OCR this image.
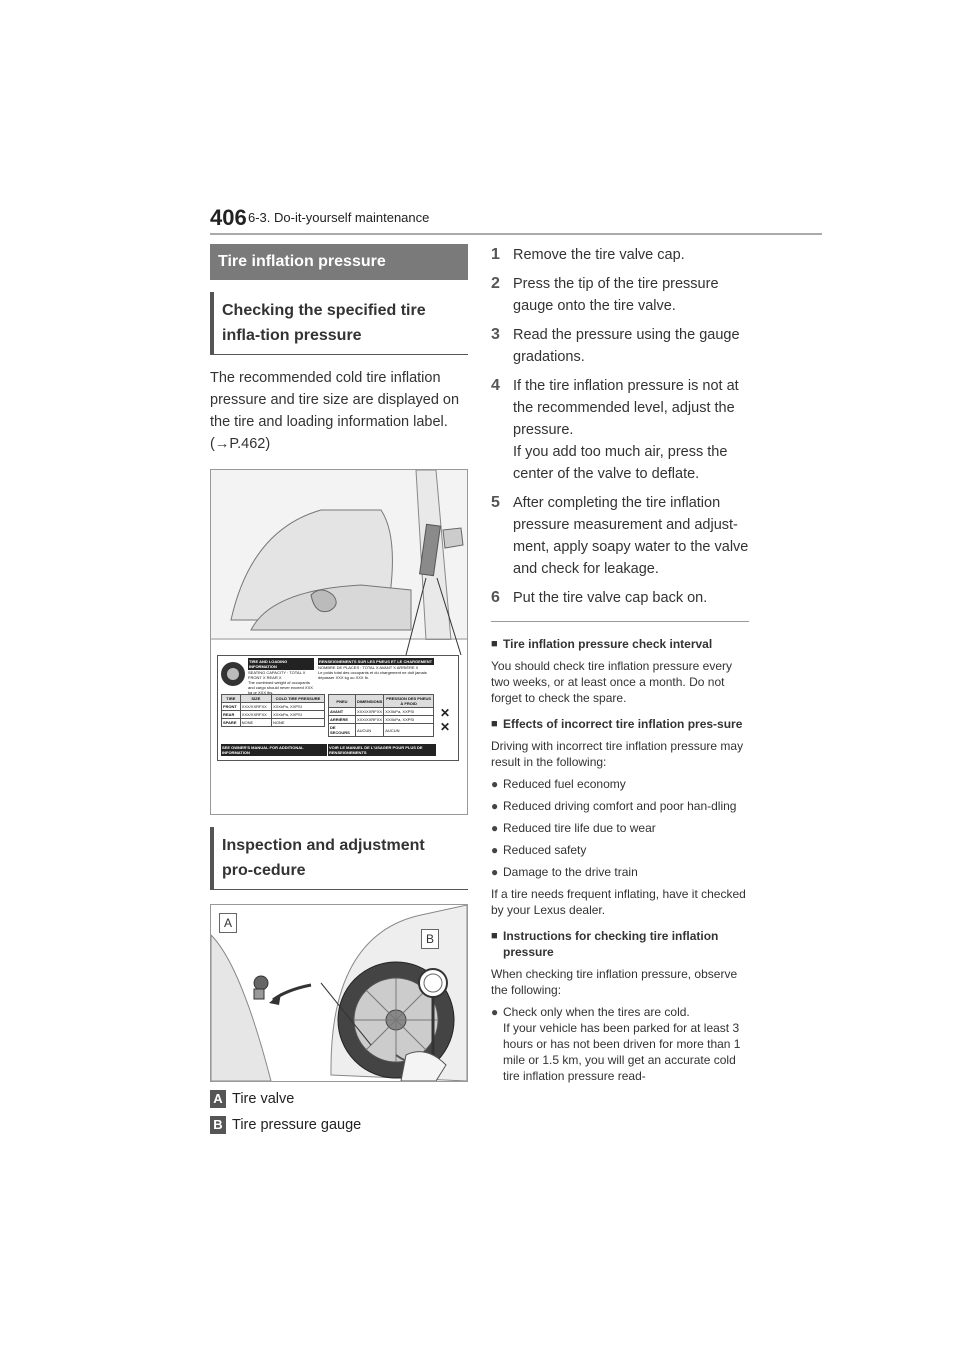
406 6-3. Do-it-yourself maintenance
Tire inflation pressure
Checking the specified tire infla-tion pressure
The recommended cold tire inflation pressure and tire size are displayed on the tire and loading information label. (→P.462)
TIRE AND LOADING INFORMATION
SEATING CAPACITY : TOTAL X FRONT X REAR X
The combined weight of occupants and cargo should never exceed XXX kg or XXX lbs.
RENSEIGNEMENTS SUR LES PNEUS ET LE CHARGEMENT
NOMBRE DE PLACES : TOTAL X AVANT X ARRIÈRE X
Le poids total des occupants et du chargement ne doit jamais dépasser XXX kg ou XXX lb.
TIRE	SIZE	COLD TIRE PRESSURE
FRONT	XXX/XXRFXX	XXXkPa, XXPSI
REAR	XXX/XXRFXX	XXXkPa, XXPSI
SPARE	NONE	NONE
PNEU	DIMENSIONS	PRESSION DES PNEUS À FROID
AVANT	XXX/XXRFXX	XXXkPa, XXPSI
ARRIÈRE	XXX/XXRFXX	XXXkPa, XXPSI
DE SECOURS	AUCUN	AUCUN
SEE OWNER'S MANUAL FOR ADDITIONAL INFORMATION
VOIR LE MANUEL DE L'USAGER POUR PLUS DE RENSEIGNEMENTS
✕
✕
Inspection and adjustment pro-cedure
A
B
A Tire valve
B Tire pressure gauge
1 Remove the tire valve cap.
2 Press the tip of the tire pressure gauge onto the tire valve.
3 Read the pressure using the gauge gradations.
4 If the tire inflation pressure is not at the recommended level, adjust the pressure.
If you add too much air, press the center of the valve to deflate.
5 After completing the tire inflation pressure measurement and adjust-ment, apply soapy water to the valve and check for leakage.
6 Put the tire valve cap back on.
■ Tire inflation pressure check interval
You should check tire inflation pressure every two weeks, or at least once a month. Do not forget to check the spare.
■ Effects of incorrect tire inflation pres-sure
Driving with incorrect tire inflation pressure may result in the following:
● Reduced fuel economy
● Reduced driving comfort and poor han-dling
● Reduced tire life due to wear
● Reduced safety
● Damage to the drive train
If a tire needs frequent inflating, have it checked by your Lexus dealer.
■ Instructions for checking tire inflation pressure
When checking tire inflation pressure, observe the following:
● Check only when the tires are cold.
If your vehicle has been parked for at least 3 hours or has not been driven for more than 1 mile or 1.5 km, you will get an accurate cold tire inflation pressure read-
